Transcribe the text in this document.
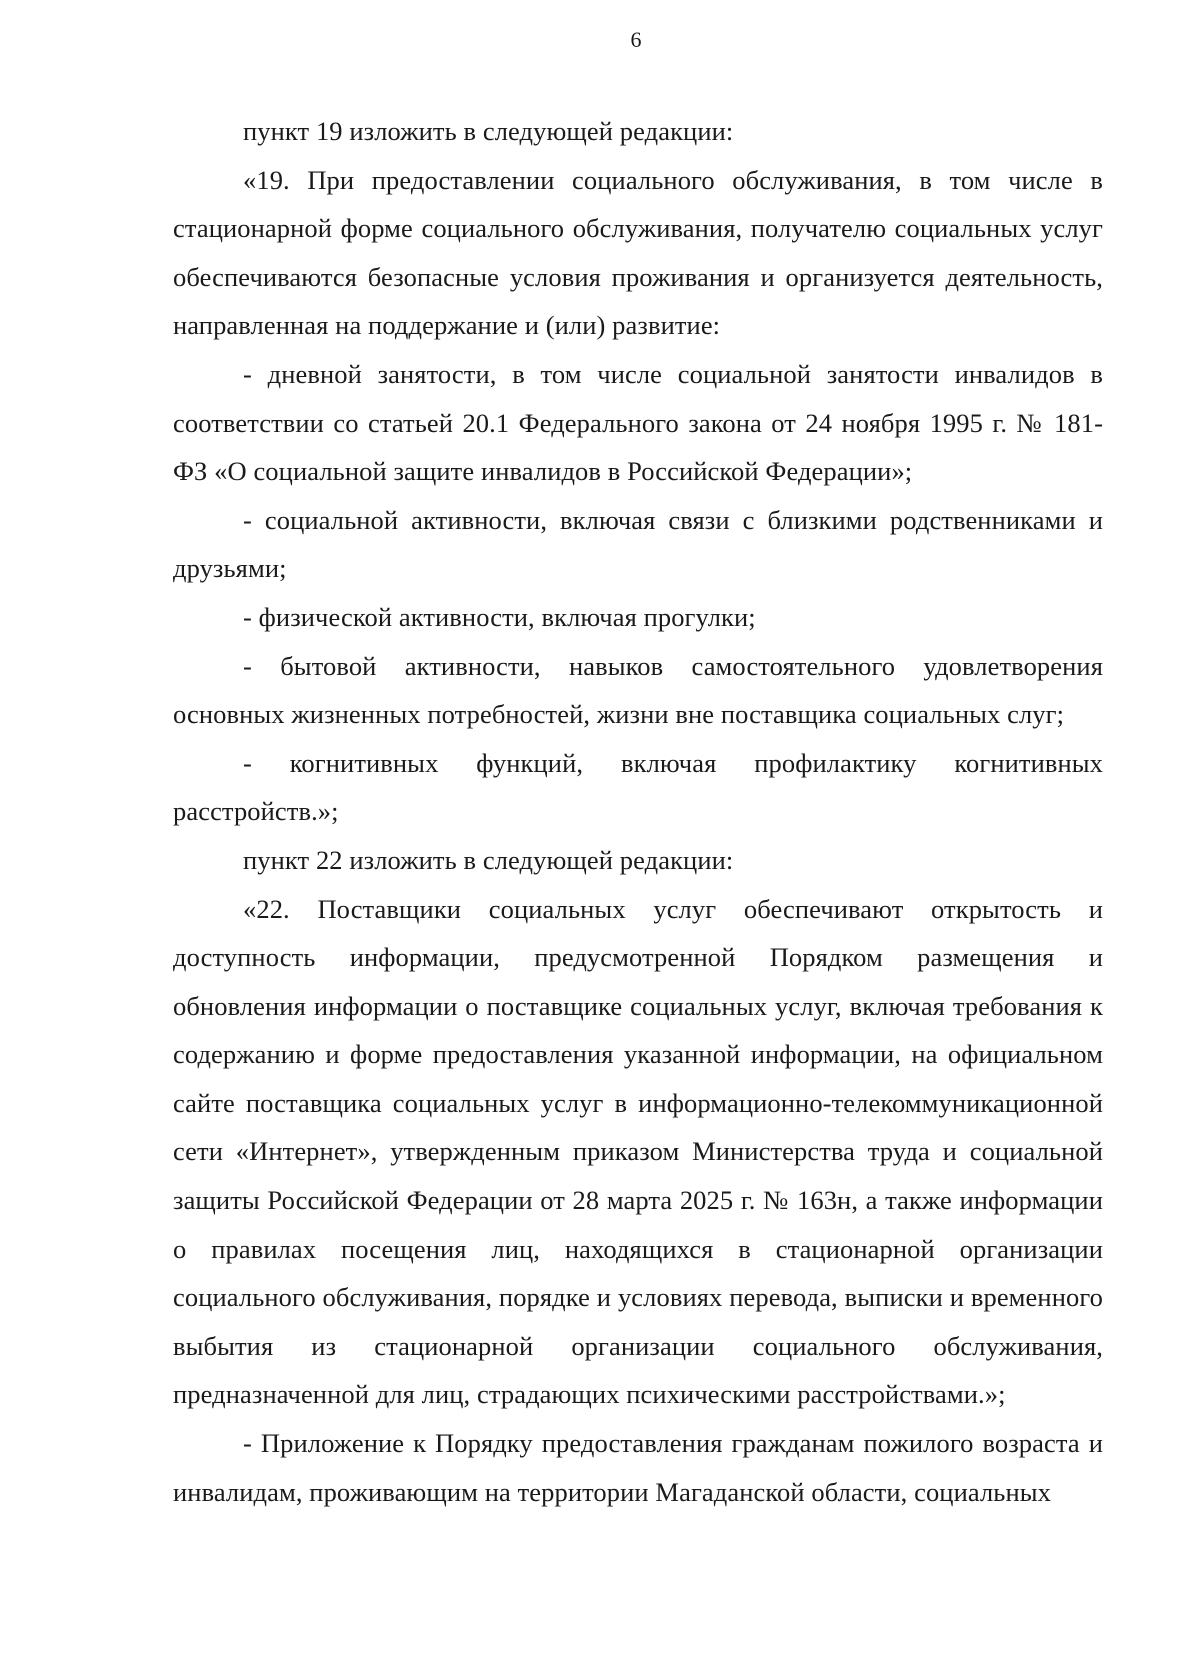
6

пункт 19 изложить в следующей редакции:

«19. При предоставлении социального обслуживания, в том числе в стационарной форме социального обслуживания, получателю социальных услуг обеспечиваются безопасные условия проживания и организуется деятельность, направленная на поддержание и (или) развитие:

- дневной занятости, в том числе социальной занятости инвалидов в соответствии со статьей 20.1 Федерального закона от 24 ноября 1995 г. № 181- ФЗ «О социальной защите инвалидов в Российской Федерации»;

- социальной активности, включая связи с близкими родственниками и друзьями;

- физической активности, включая прогулки;

- бытовой активности, навыков самостоятельного удовлетворения основных жизненных потребностей, жизни вне поставщика социальных слуг;

- когнитивных функций, включая профилактику когнитивных расстройств.»;

пункт 22 изложить в следующей редакции:

«22. Поставщики социальных услуг обеспечивают открытость и доступность информации, предусмотренной Порядком размещения и обновления информации о поставщике социальных услуг, включая требования к содержанию и форме предоставления указанной информации, на официальном сайте поставщика социальных услуг в информационно-телекоммуникационной сети «Интернет», утвержденным приказом Министерства труда и социальной защиты Российской Федерации от 28 марта 2025 г. № 163н, а также информации о правилах посещения лиц, находящихся в стационарной организации социального обслуживания, порядке и условиях перевода, выписки и временного выбытия из стационарной организации социального обслуживания, предназначенной для лиц, страдающих психическими расстройствами.»;

- Приложение к Порядку предоставления гражданам пожилого возраста и инвалидам, проживающим на территории Магаданской области, социальных
